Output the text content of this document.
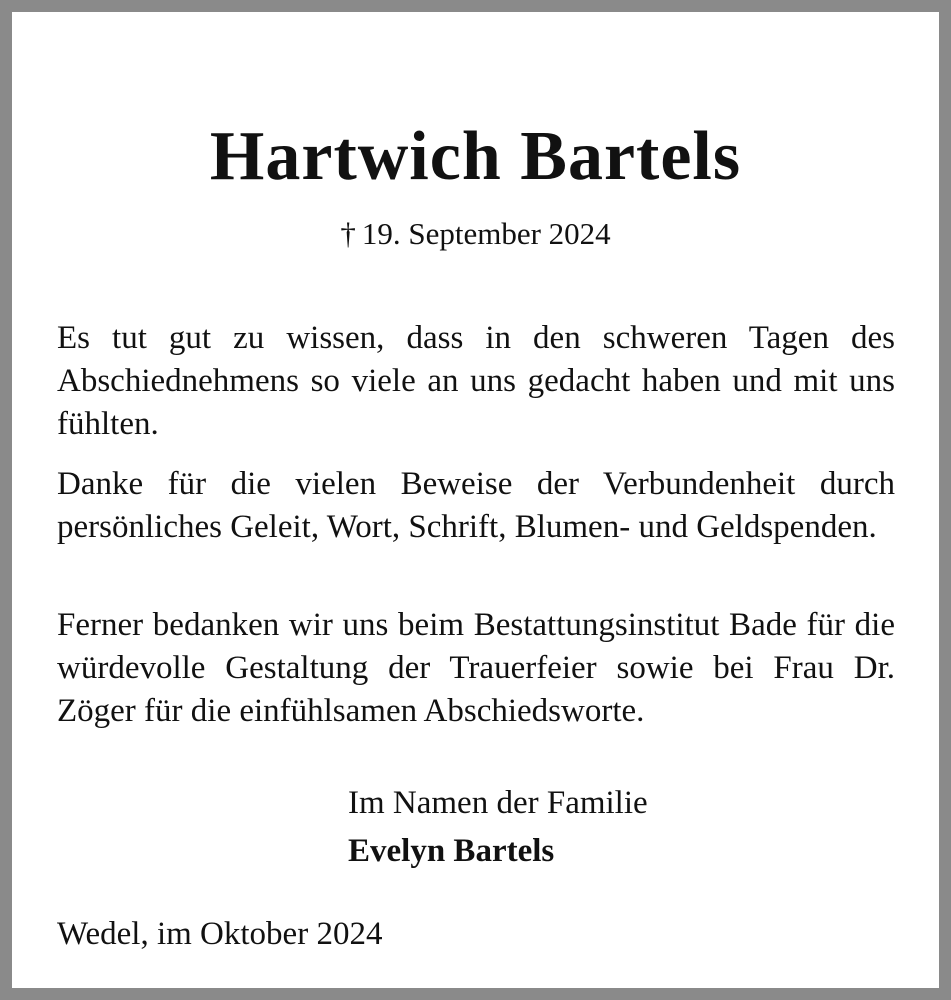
Hartwich Bartels
† 19. September 2024

Es tut gut zu wissen, dass in den schweren Tagen des Abschiednehmens so viele an uns gedacht haben und mit uns fühlten.

Danke für die vielen Beweise der Verbundenheit durch persönliches Geleit, Wort, Schrift, Blumen- und Geldspenden.

Ferner bedanken wir uns beim Bestattungsinstitut Bade für die würdevolle Gestaltung der Trauerfeier sowie bei Frau Dr. Zöger für die einfühlsamen Abschiedsworte.

Im Namen der Familie
Evelyn Bartels
Wedel, im Oktober 2024
